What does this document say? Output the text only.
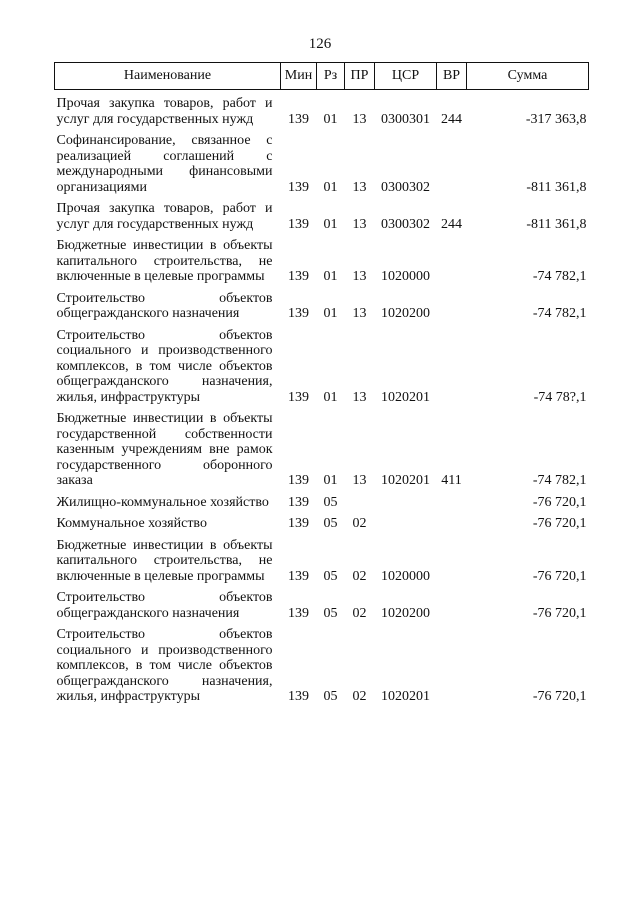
126
Наименование	Мин	Рз	ПР	ЦСР	ВР	Сумма

Прочая закупка товаров, работ и услуг для государственных нужд	139	01	13	0300301	244	-317 363,8

Софинансирование, связанное с реализацией соглашений с международными финансовыми организациями	139	01	13	0300302		-811 361,8

Прочая закупка товаров, работ и услуг для государственных нужд	139	01	13	0300302	244	-811 361,8

Бюджетные инвестиции в объекты капитального строительства, не включенные в целевые программы	139	01	13	1020000		-74 782,1

Строительство объектов общегражданского назначения	139	01	13	1020200		-74 782,1

Строительство объектов социального и производственного комплексов, в том числе объектов общегражданского назначения, жилья, инфраструктуры	139	01	13	1020201		-74 78?,1

Бюджетные инвестиции в объекты государственной собственности казенным учреждениям вне рамок государственного оборонного заказа	139	01	13	1020201	411	-74 782,1

Жилищно-коммунальное хозяйство	139	05				-76 720,1

Коммунальное хозяйство	139	05	02			-76 720,1

Бюджетные инвестиции в объекты капитального строительства, не включенные в целевые программы	139	05	02	1020000		-76 720,1

Строительство объектов общегражданского назначения	139	05	02	1020200		-76 720,1

Строительство объектов социального и производственного комплексов, в том числе объектов общегражданского назначения, жилья, инфраструктуры	139	05	02	1020201		-76 720,1
